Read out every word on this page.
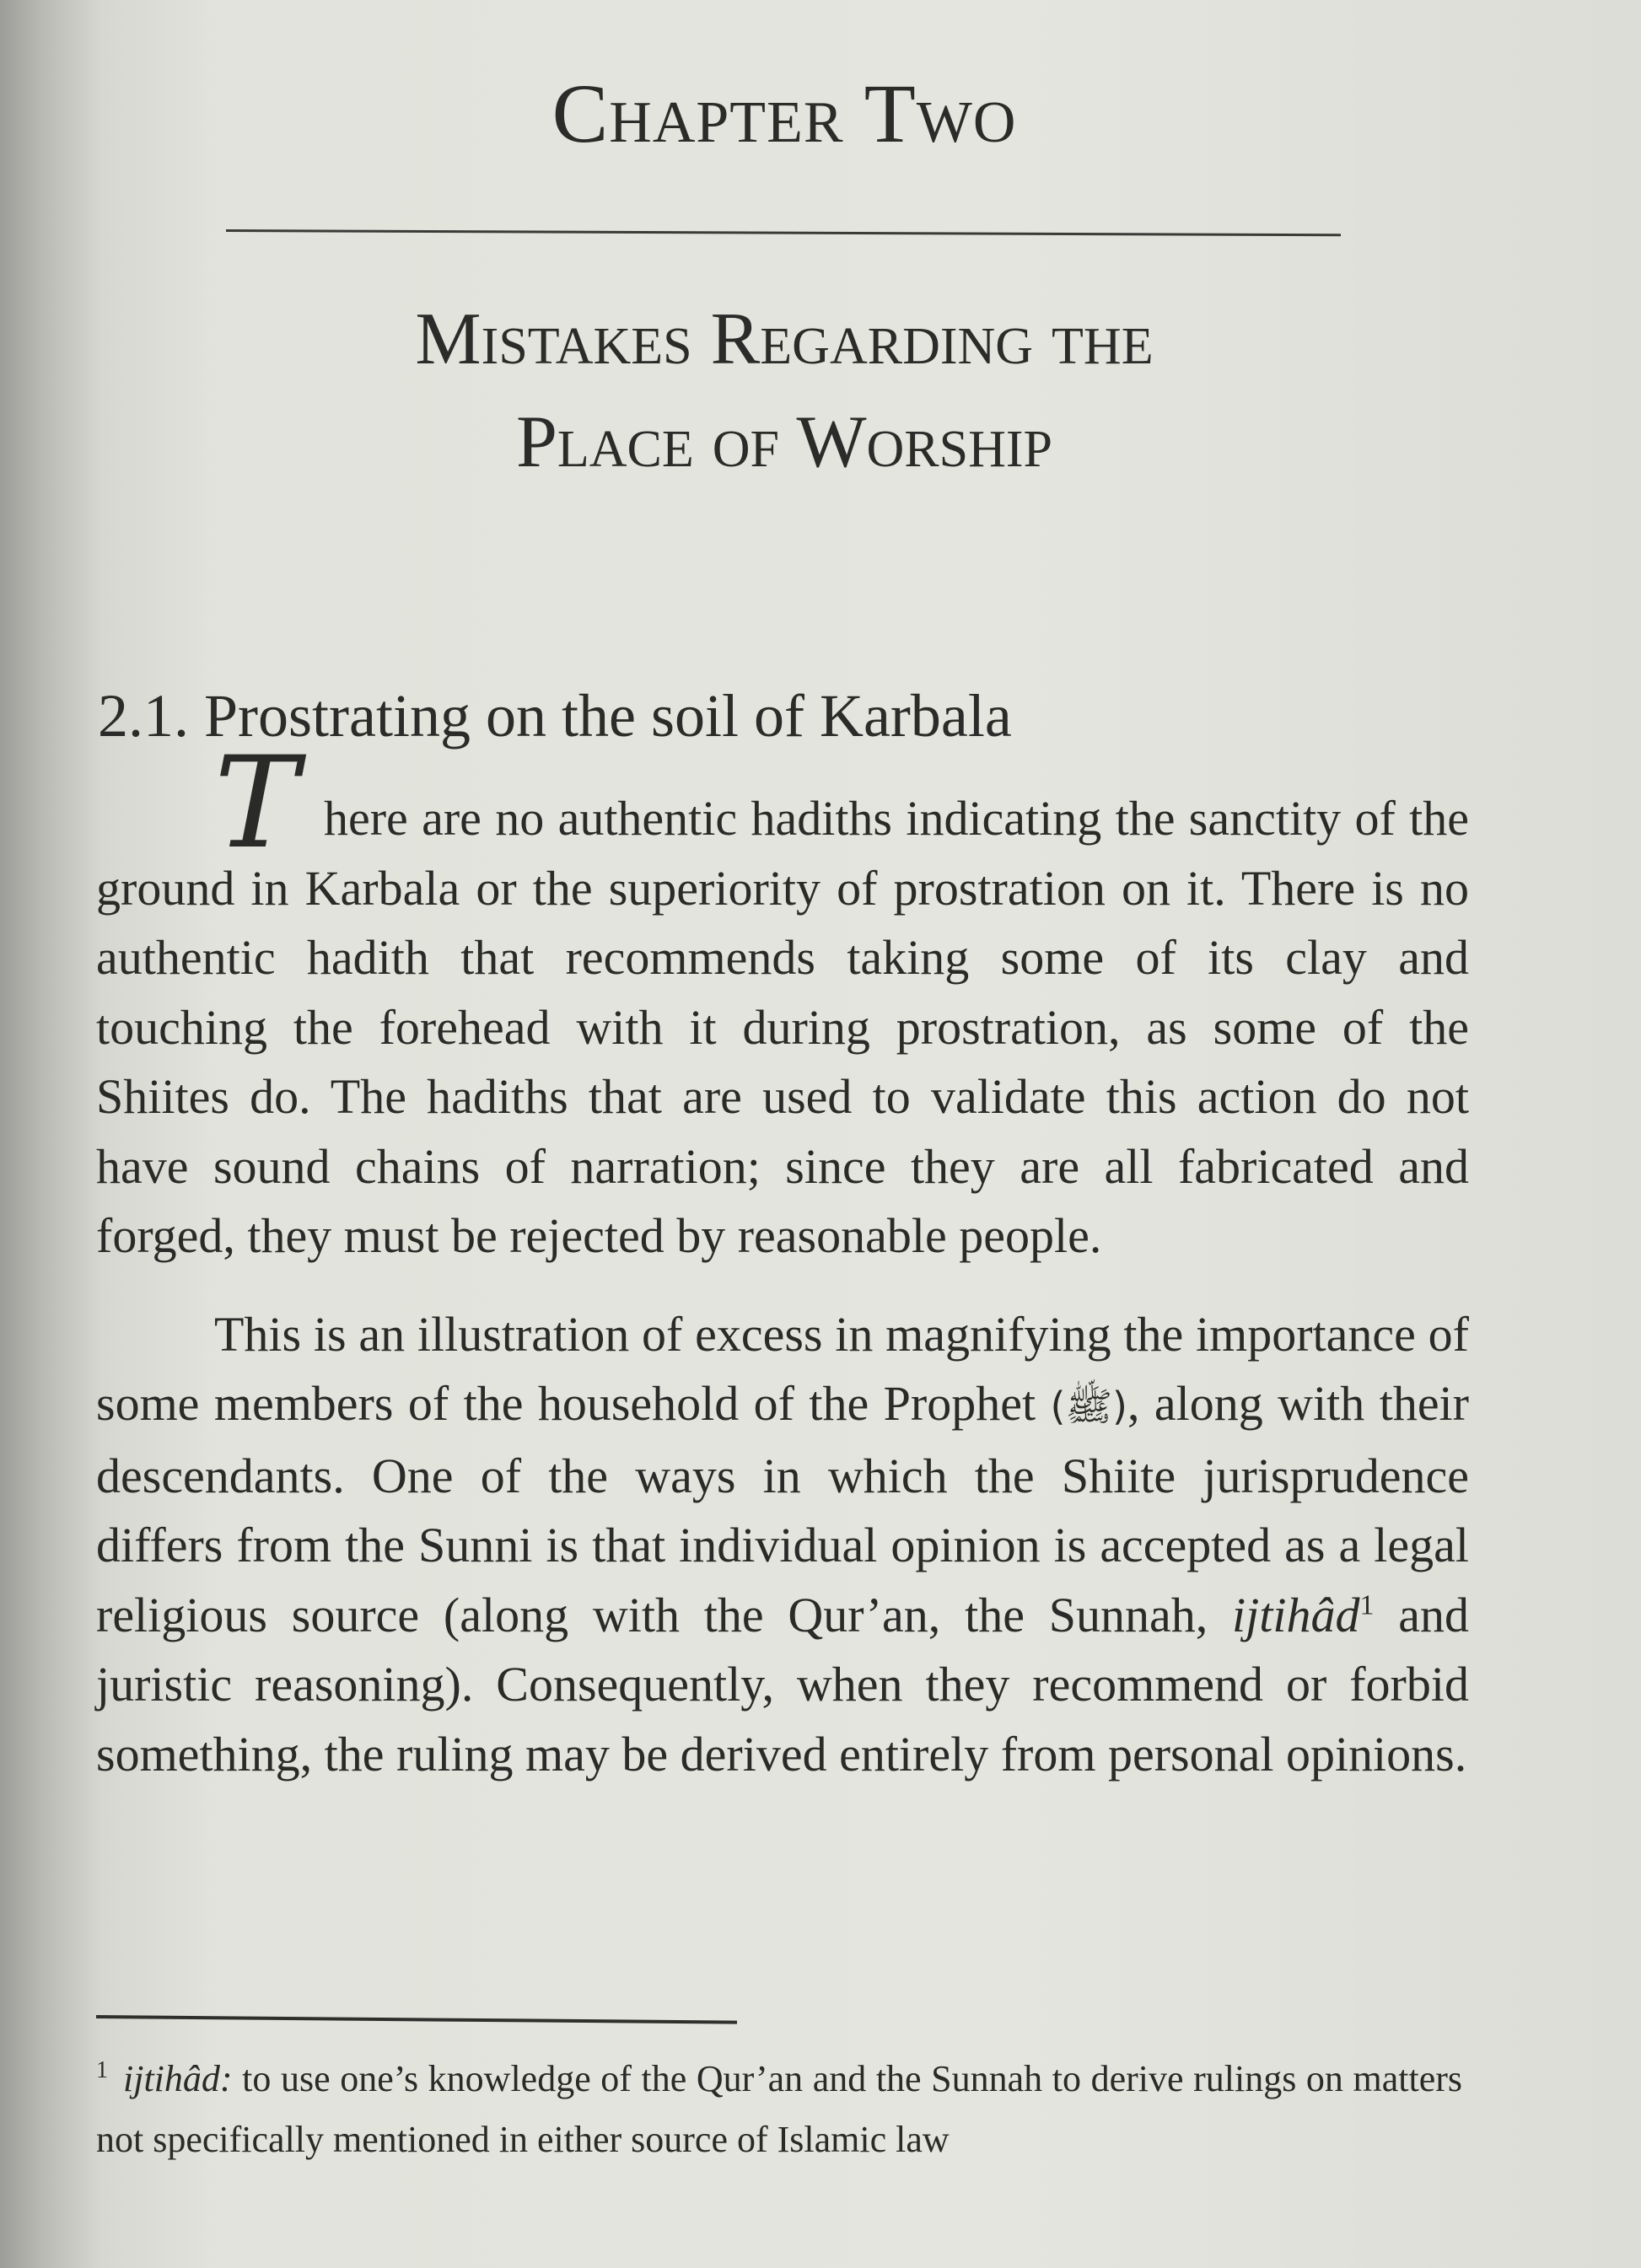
Chapter Two
Mistakes Regarding the
Place of Worship
2.1. Prostrating on the soil of Karbala

T here are no authentic hadiths indicating the sanctity of the ground in Karbala or the superiority of prostration on it. There is no authentic hadith that recommends taking some of its clay and touching the forehead with it during prostration, as some of the Shiites do. The hadiths that are used to validate this action do not have sound chains of narration; since they are all fabricated and forged, they must be rejected by reasonable people.

This is an illustration of excess in magnifying the importance of some members of the household of the Prophet (ﷺ), along with their descendants. One of the ways in which the Shiite jurisprudence differs from the Sunni is that individual opinion is accepted as a legal religious source (along with the Qur’an, the Sunnah, ijtihâd$^1$ and juristic reasoning). Consequently, when they recommend or forbid something, the ruling may be derived entirely from personal opinions.

$^1$ ijtihâd: to use one’s knowledge of the Qur’an and the Sunnah to derive rulings on matters not specifically mentioned in either source of Islamic law
